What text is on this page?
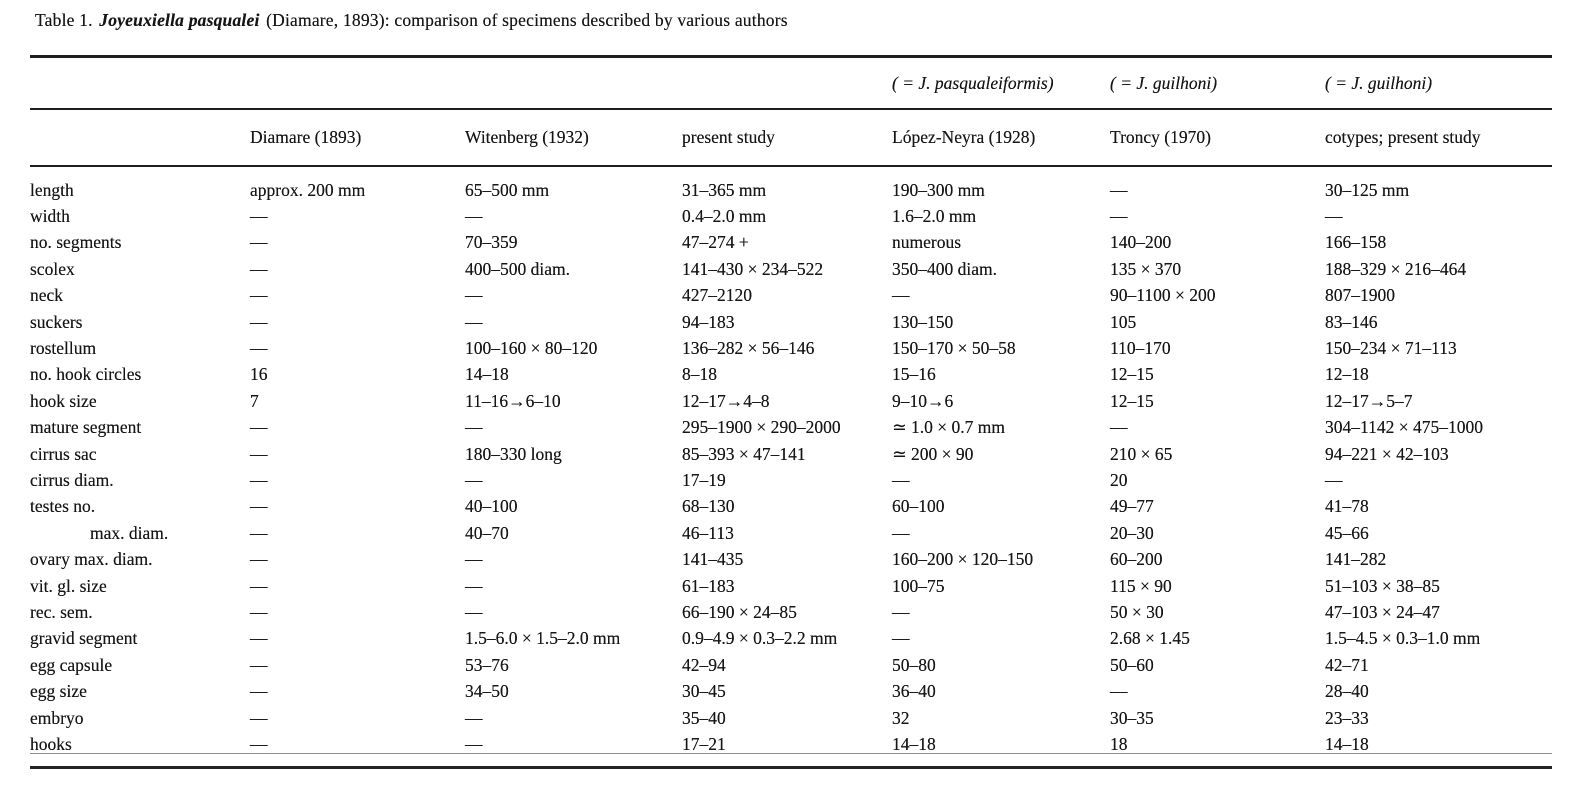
Table 1. Joyeuxiella pasqualei (Diamare, 1893): comparison of specimens described by various authors
				( = J. pasqualeiformis)	( = J. guilhoni)	( = J. guilhoni)
	Diamare (1893)	Witenberg (1932)	present study	López-Neyra (1928)	Troncy (1970)	cotypes; present study
length	approx. 200 mm	65–500 mm	31–365 mm	190–300 mm	—	30–125 mm
width	—	—	0.4–2.0 mm	1.6–2.0 mm	—	—
no. segments	—	70–359	47–274 +	numerous	140–200	166–158
scolex	—	400–500 diam.	141–430 × 234–522	350–400 diam.	135 × 370	188–329 × 216–464
neck	—	—	427–2120	—	90–1100 × 200	807–1900
suckers	—	—	94–183	130–150	105	83–146
rostellum	—	100–160 × 80–120	136–282 × 56–146	150–170 × 50–58	110–170	150–234 × 71–113
no. hook circles	16	14–18	8–18	15–16	12–15	12–18
hook size	7	11–16→6–10	12–17→4–8	9–10→6	12–15	12–17→5–7
mature segment	—	—	295–1900 × 290–2000	≃ 1.0 × 0.7 mm	—	304–1142 × 475–1000
cirrus sac	—	180–330 long	85–393 × 47–141	≃ 200 × 90	210 × 65	94–221 × 42–103
cirrus diam.	—	—	17–19	—	20	—
testes no.	—	40–100	68–130	60–100	49–77	41–78
max. diam.	—	40–70	46–113	—	20–30	45–66
ovary max. diam.	—	—	141–435	160–200 × 120–150	60–200	141–282
vit. gl. size	—	—	61–183	100–75	115 × 90	51–103 × 38–85
rec. sem.	—	—	66–190 × 24–85	—	50 × 30	47–103 × 24–47
gravid segment	—	1.5–6.0 × 1.5–2.0 mm	0.9–4.9 × 0.3–2.2 mm	—	2.68 × 1.45	1.5–4.5 × 0.3–1.0 mm
egg capsule	—	53–76	42–94	50–80	50–60	42–71
egg size	—	34–50	30–45	36–40	—	28–40
embryo	—	—	35–40	32	30–35	23–33
hooks	—	—	17–21	14–18	18	14–18
